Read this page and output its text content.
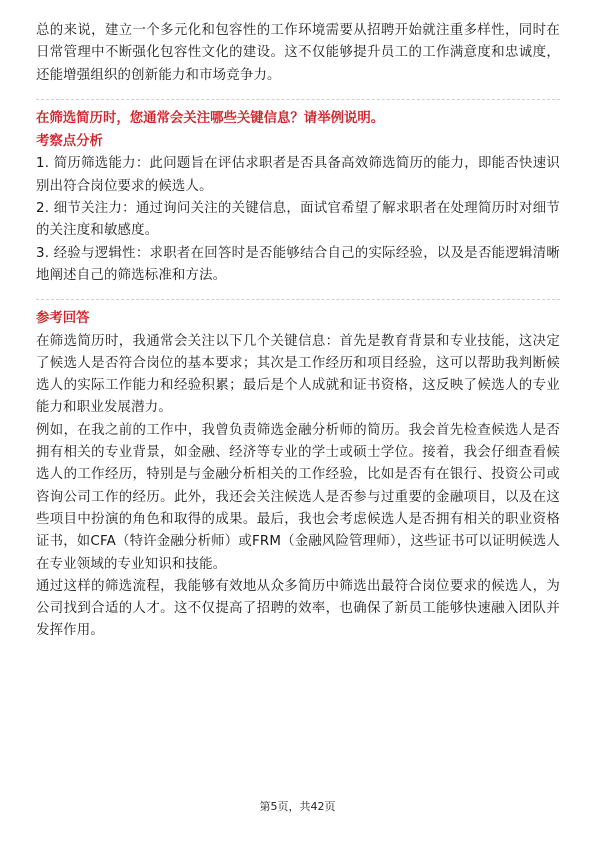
总的来说，建立一个多元化和包容性的工作环境需要从招聘开始就注重多样性，同时在日常管理中不断强化包容性文化的建设。这不仅能够提升员工的工作满意度和忠诚度，还能增强组织的创新能力和市场竞争力。

在筛选简历时，您通常会关注哪些关键信息？请举例说明。
考察点分析

1. 简历筛选能力：此问题旨在评估求职者是否具备高效筛选简历的能力，即能否快速识别出符合岗位要求的候选人。

2. 细节关注力：通过询问关注的关键信息，面试官希望了解求职者在处理简历时对细节的关注度和敏感度。

3. 经验与逻辑性：求职者在回答时是否能够结合自己的实际经验，以及是否能逻辑清晰地阐述自己的筛选标准和方法。

参考回答

在筛选简历时，我通常会关注以下几个关键信息：首先是教育背景和专业技能，这决定了候选人是否符合岗位的基本要求；其次是工作经历和项目经验，这可以帮助我判断候选人的实际工作能力和经验积累；最后是个人成就和证书资格，这反映了候选人的专业能力和职业发展潜力。

例如，在我之前的工作中，我曾负责筛选金融分析师的简历。我会首先检查候选人是否拥有相关的专业背景，如金融、经济等专业的学士或硕士学位。接着，我会仔细查看候选人的工作经历，特别是与金融分析相关的工作经验，比如是否有在银行、投资公司或咨询公司工作的经历。此外，我还会关注候选人是否参与过重要的金融项目，以及在这些项目中扮演的角色和取得的成果。最后，我也会考虑候选人是否拥有相关的职业资格证书，如CFA（特许金融分析师）或FRM（金融风险管理师），这些证书可以证明候选人在专业领域的专业知识和技能。

通过这样的筛选流程，我能够有效地从众多简历中筛选出最符合岗位要求的候选人，为公司找到合适的人才。这不仅提高了招聘的效率，也确保了新员工能够快速融入团队并发挥作用。

第5页，共42页
